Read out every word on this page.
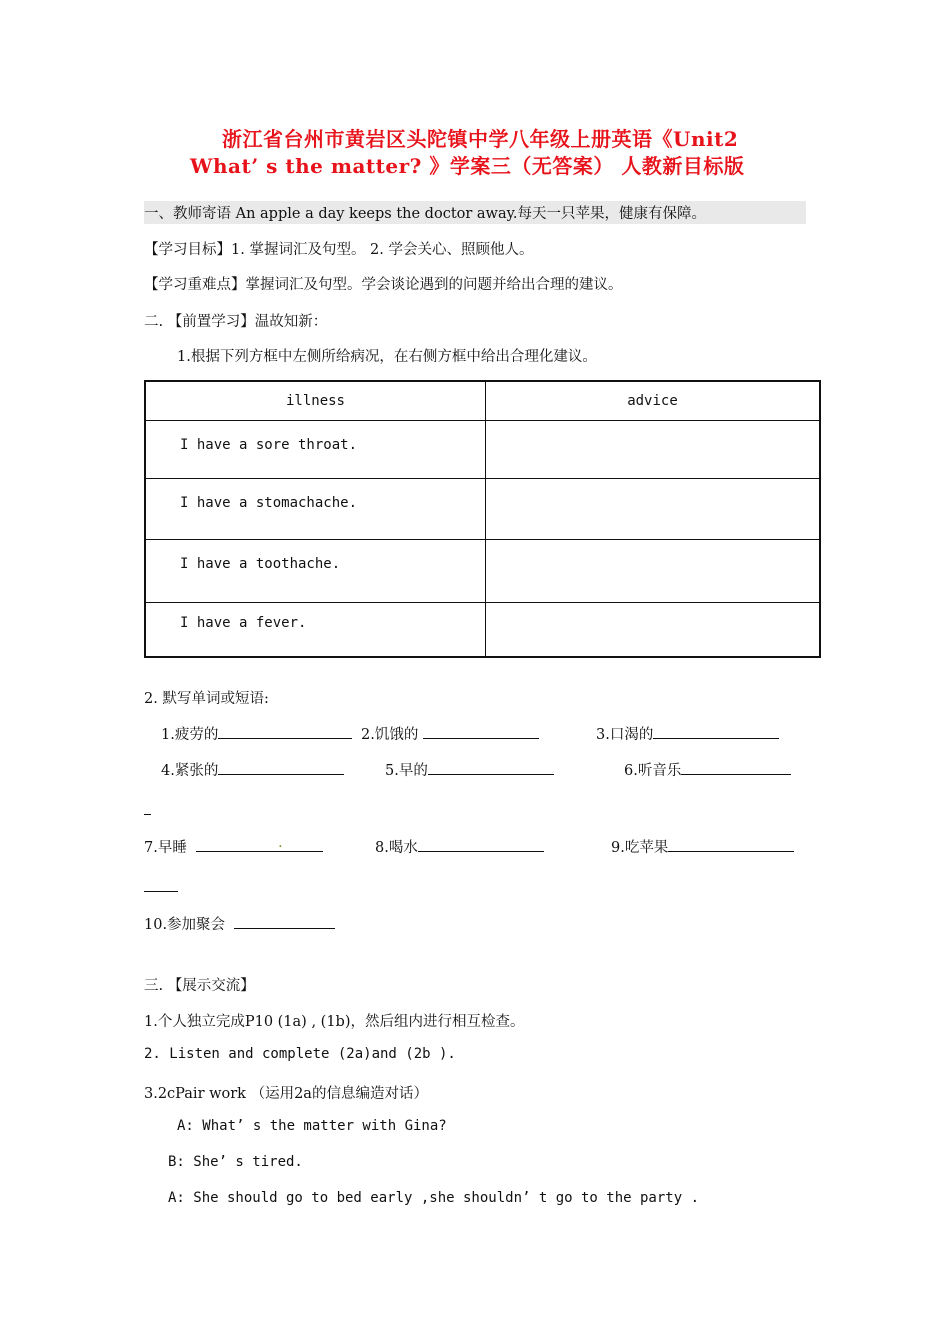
浙江省台州市黄岩区头陀镇中学八年级上册英语《Unit2
What’ s the matter? 》学案三（无答案） 人教新目标版
一、教师寄语 An apple a day keeps the doctor away.每天一只苹果，健康有保障。
【学习目标】1. 掌握词汇及句型。 2. 学会关心、照顾他人。
【学习重难点】掌握词汇及句型。学会谈论遇到的问题并给出合理的建议。
二. 【前置学习】温故知新：
1.根据下列方框中左侧所给病况，在右侧方框中给出合理化建议。
illness	advice
I have a sore throat.	
I have a stomachache.	
I have a toothache.	
I have a fever.	
2. 默写单词或短语:
1.疲劳的	2.饥饿的	3.口渴的
4.紧张的	5.早的	6.听音乐
7.早睡	.	8.喝水	9.吃苹果
10.参加聚会
三. 【展示交流】
1.个人独立完成P10 (1a) , (1b)，然后组内进行相互检查。
2. Listen and complete (2a)and (2b ).
3.2cPair work （运用2a的信息编造对话）
A: What’ s the matter with Gina?
B: She’ s tired.
A: She should go to bed early ,she shouldn’ t go to the party .
